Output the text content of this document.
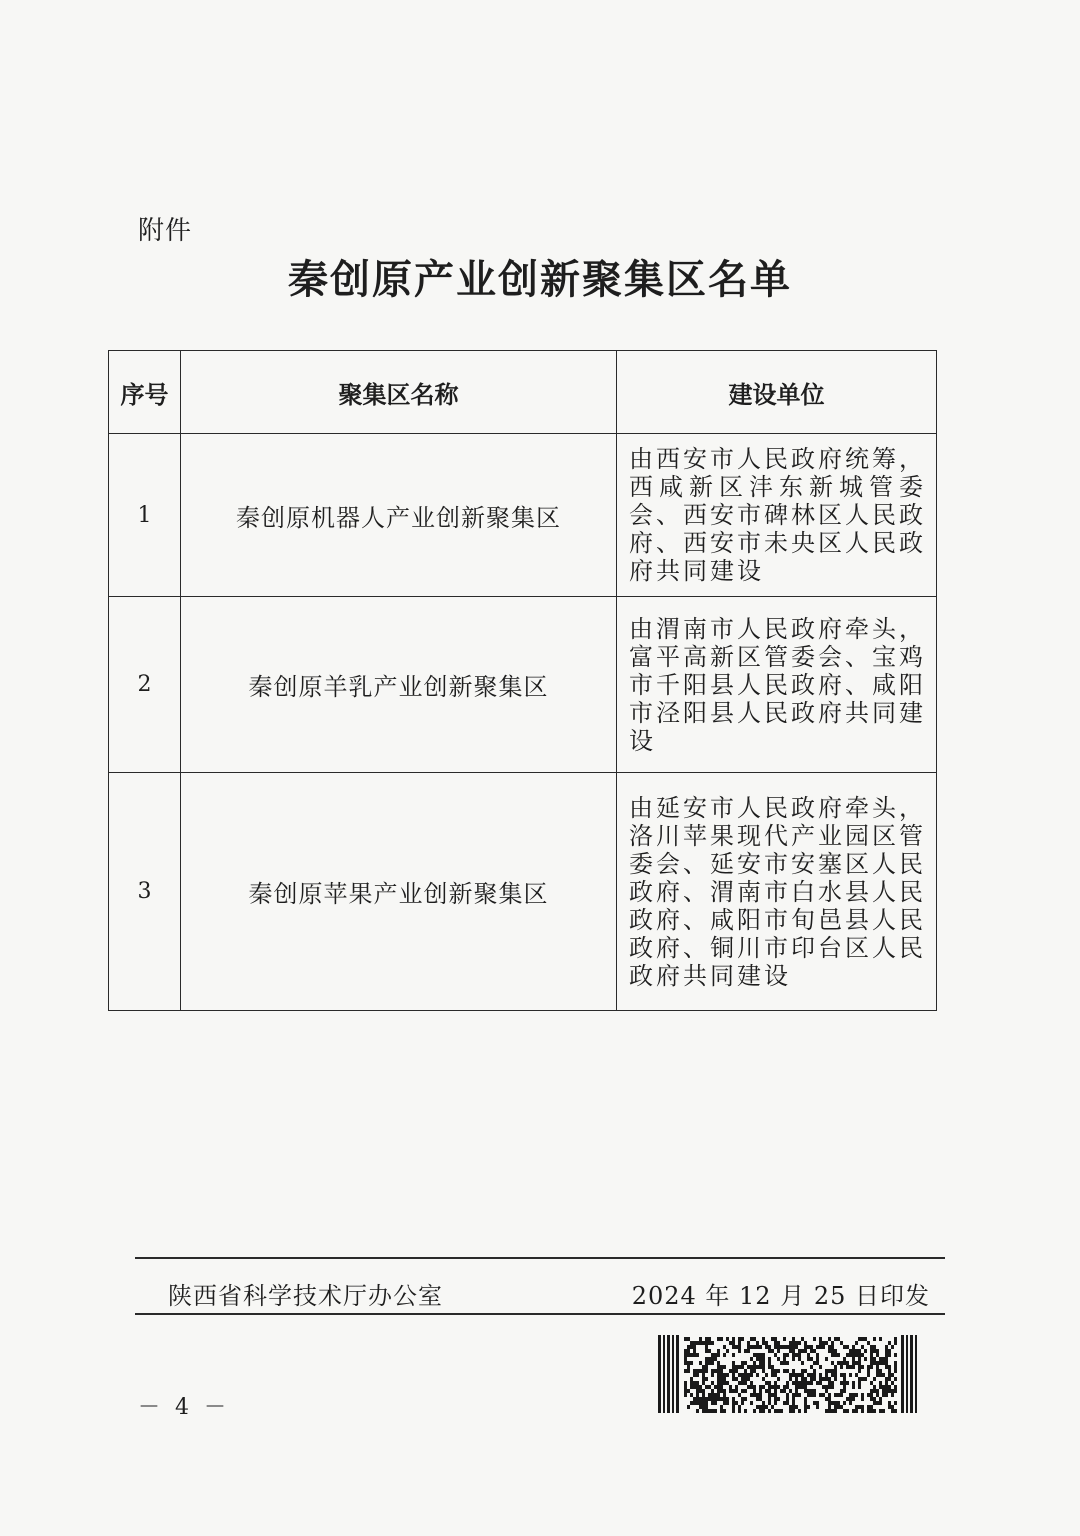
附件
秦创原产业创新聚集区名单
序号	聚集区名称	建设单位
1	秦创原机器人产业创新聚集区	由西安市人民政府统筹，西咸新区沣东新城管委会、西安市碑林区人民政府、西安市未央区人民政府共同建设
2	秦创原羊乳产业创新聚集区	由渭南市人民政府牵头，富平高新区管委会、宝鸡市千阳县人民政府、咸阳市泾阳县人民政府共同建设
3	秦创原苹果产业创新聚集区	由延安市人民政府牵头，洛川苹果现代产业园区管委会、延安市安塞区人民政府、渭南市白水县人民政府、咸阳市旬邑县人民政府、铜川市印台区人民政府共同建设
陕西省科学技术厅办公室	2024 年 12 月 25 日印发
－ 4 －
